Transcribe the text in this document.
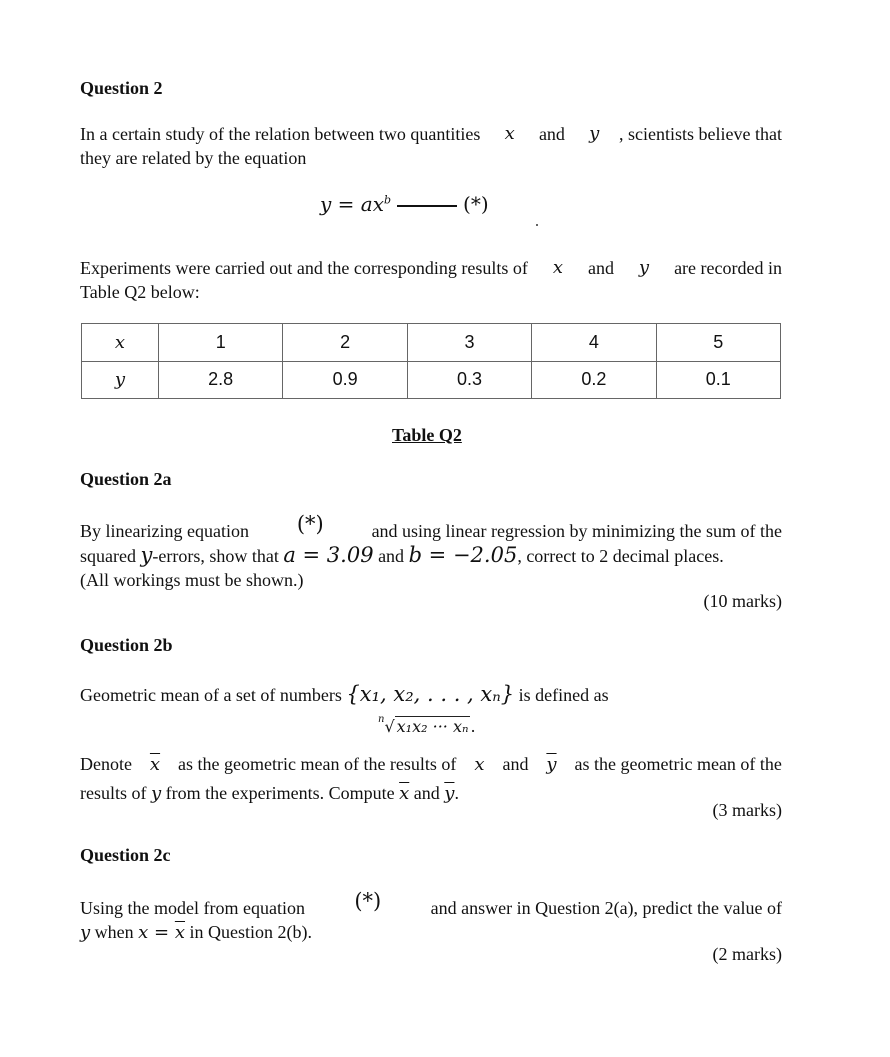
Question 2
In a certain study of the relation between two quantities x and y , scientists believe that
they are related by the equation
$y = ax^b$	(*)
Experiments were carried out and the corresponding results of x and y are recorded in
Table Q2 below:
x	1	2	3	4	5
y	2.8	0.9	0.3	0.2	0.1
Table Q2
Question 2a
By linearizing equation (*) and using linear regression by minimizing the sum of the
squared y-errors, show that a = 3.09 and b = −2.05, correct to 2 decimal places.
(All workings must be shown.)
(10 marks)
Question 2b
Geometric mean of a set of numbers {x₁, x₂, . . . , xₙ} is defined as
$^n$√ x₁x₂ ··· xₙ .
Denote $\overline{x}$ as the geometric mean of the results of x and $\overline{y}$ as the geometric mean of the
results of y from the experiments. Compute $\overline{x}$ and $\overline{y}$.
(3 marks)
Question 2c
Using the model from equation (*) and answer in Question 2(a), predict the value of
y when $x = \overline{x}$ in Question 2(b).
(2 marks)
